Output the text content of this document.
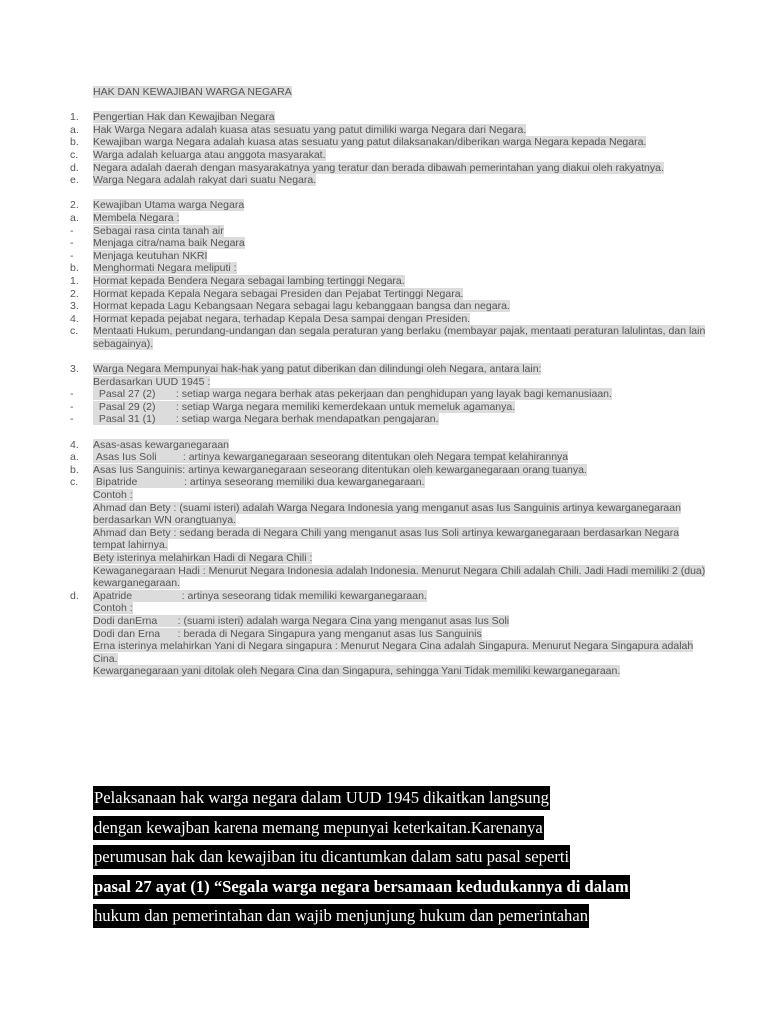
HAK DAN KEWAJIBAN WARGA NEGARA
1.	Pengertian Hak dan Kewajiban Negara
a.	Hak Warga Negara adalah kuasa atas sesuatu yang patut dimiliki warga Negara dari Negara.
b.	Kewajiban warga Negara adalah kuasa atas sesuatu yang patut dilaksanakan/diberikan warga Negara kepada Negara.
c.	Warga adalah keluarga atau anggota masyarakat.
d.	Negara adalah daerah dengan masyarakatnya yang teratur dan berada dibawah pemerintahan yang diakui oleh rakyatnya.
e.	Warga Negara adalah rakyat dari suatu Negara.
2.	Kewajiban Utama warga Negara
a.	Membela Negara :
-	Sebagai rasa cinta tanah air
-	Menjaga citra/nama baik Negara
-	Menjaga keutuhan NKRI
b.	Menghormati Negara meliputi :
1.	Hormat kepada Bendera Negara sebagai lambing tertinggi Negara.
2.	Hormat kepada Kepala Negara sebagai Presiden dan Pejabat Tertinggi Negara.
3.	Hormat kepada Lagu Kebangsaan Negara sebagai lagu kebanggaan bangsa dan negara.
4.	Hormat kepada pejabat negara, terhadap Kepala Desa sampai dengan Presiden.
c.	Mentaati Hukum, perundang-undangan dan segala peraturan yang berlaku (membayar pajak, mentaati peraturan lalulintas, dan lain sebagainya).
3.	Warga Negara Mempunyai hak-hak yang patut diberikan dan dilindungi oleh Negara, antara lain:
Berdasarkan UUD 1945 :
-	Pasal 27 (2)       : setiap warga negara berhak atas pekerjaan dan penghidupan yang layak bagi kemanusiaan.
-	Pasal 29 (2)       : setiap Warga negara memiliki kemerdekaan untuk memeluk agamanya.
-	Pasal 31 (1)       : setiap warga Negara berhak mendapatkan pengajaran.
4.	Asas-asas kewarganegaraan
a.	Asas Ius Soli         : artinya kewarganegaraan seseorang ditentukan oleh Negara tempat kelahirannya
b.	Asas Ius Sanguinis: artinya kewarganegaraan seseorang ditentukan oleh kewarganegaraan orang tuanya.
c.	Bipatride                : artinya seseorang memiliki dua kewarganegaraan.
Contoh :
Ahmad dan Bety : (suami isteri) adalah Warga Negara Indonesia yang menganut asas Ius Sanguinis artinya kewarganegaraan berdasarkan WN orangtuanya.
Ahmad dan Bety : sedang berada di Negara Chili yang menganut asas Ius Soli artinya kewarganegaraan berdasarkan Negara tempat lahirnya.
Bety isterinya melahirkan Hadi di Negara Chili :
Kewaganegaraan Hadi : Menurut Negara Indonesia adalah Indonesia. Menurut Negara Chili adalah Chili. Jadi Hadi memiliki 2 (dua) kewarganegaraan.
d.	Apatride                 : artinya seseorang tidak memiliki kewarganegaraan.
Contoh :
Dodi danErna       : (suami isteri) adalah warga Negara Cina yang menganut asas Ius Soli
Dodi dan Erna      : berada di Negara Singapura yang menganut asas Ius Sanguinis
Erna isterinya melahirkan Yani di Negara singapura : Menurut Negara Cina adalah Singapura. Menurut Negara Singapura adalah Cina.
Kewarganegaraan yani ditolak oleh Negara Cina dan Singapura, sehingga Yani Tidak memiliki kewarganegaraan.
Pelaksanaan hak warga negara dalam UUD 1945 dikaitkan langsung
dengan kewajban karena memang mepunyai keterkaitan.Karenanya
perumusan hak dan kewajiban itu dicantumkan dalam satu pasal seperti
pasal 27 ayat (1) “Segala warga negara bersamaan kedudukannya di dalam
hukum dan pemerintahan dan wajib menjunjung hukum dan pemerintahan
